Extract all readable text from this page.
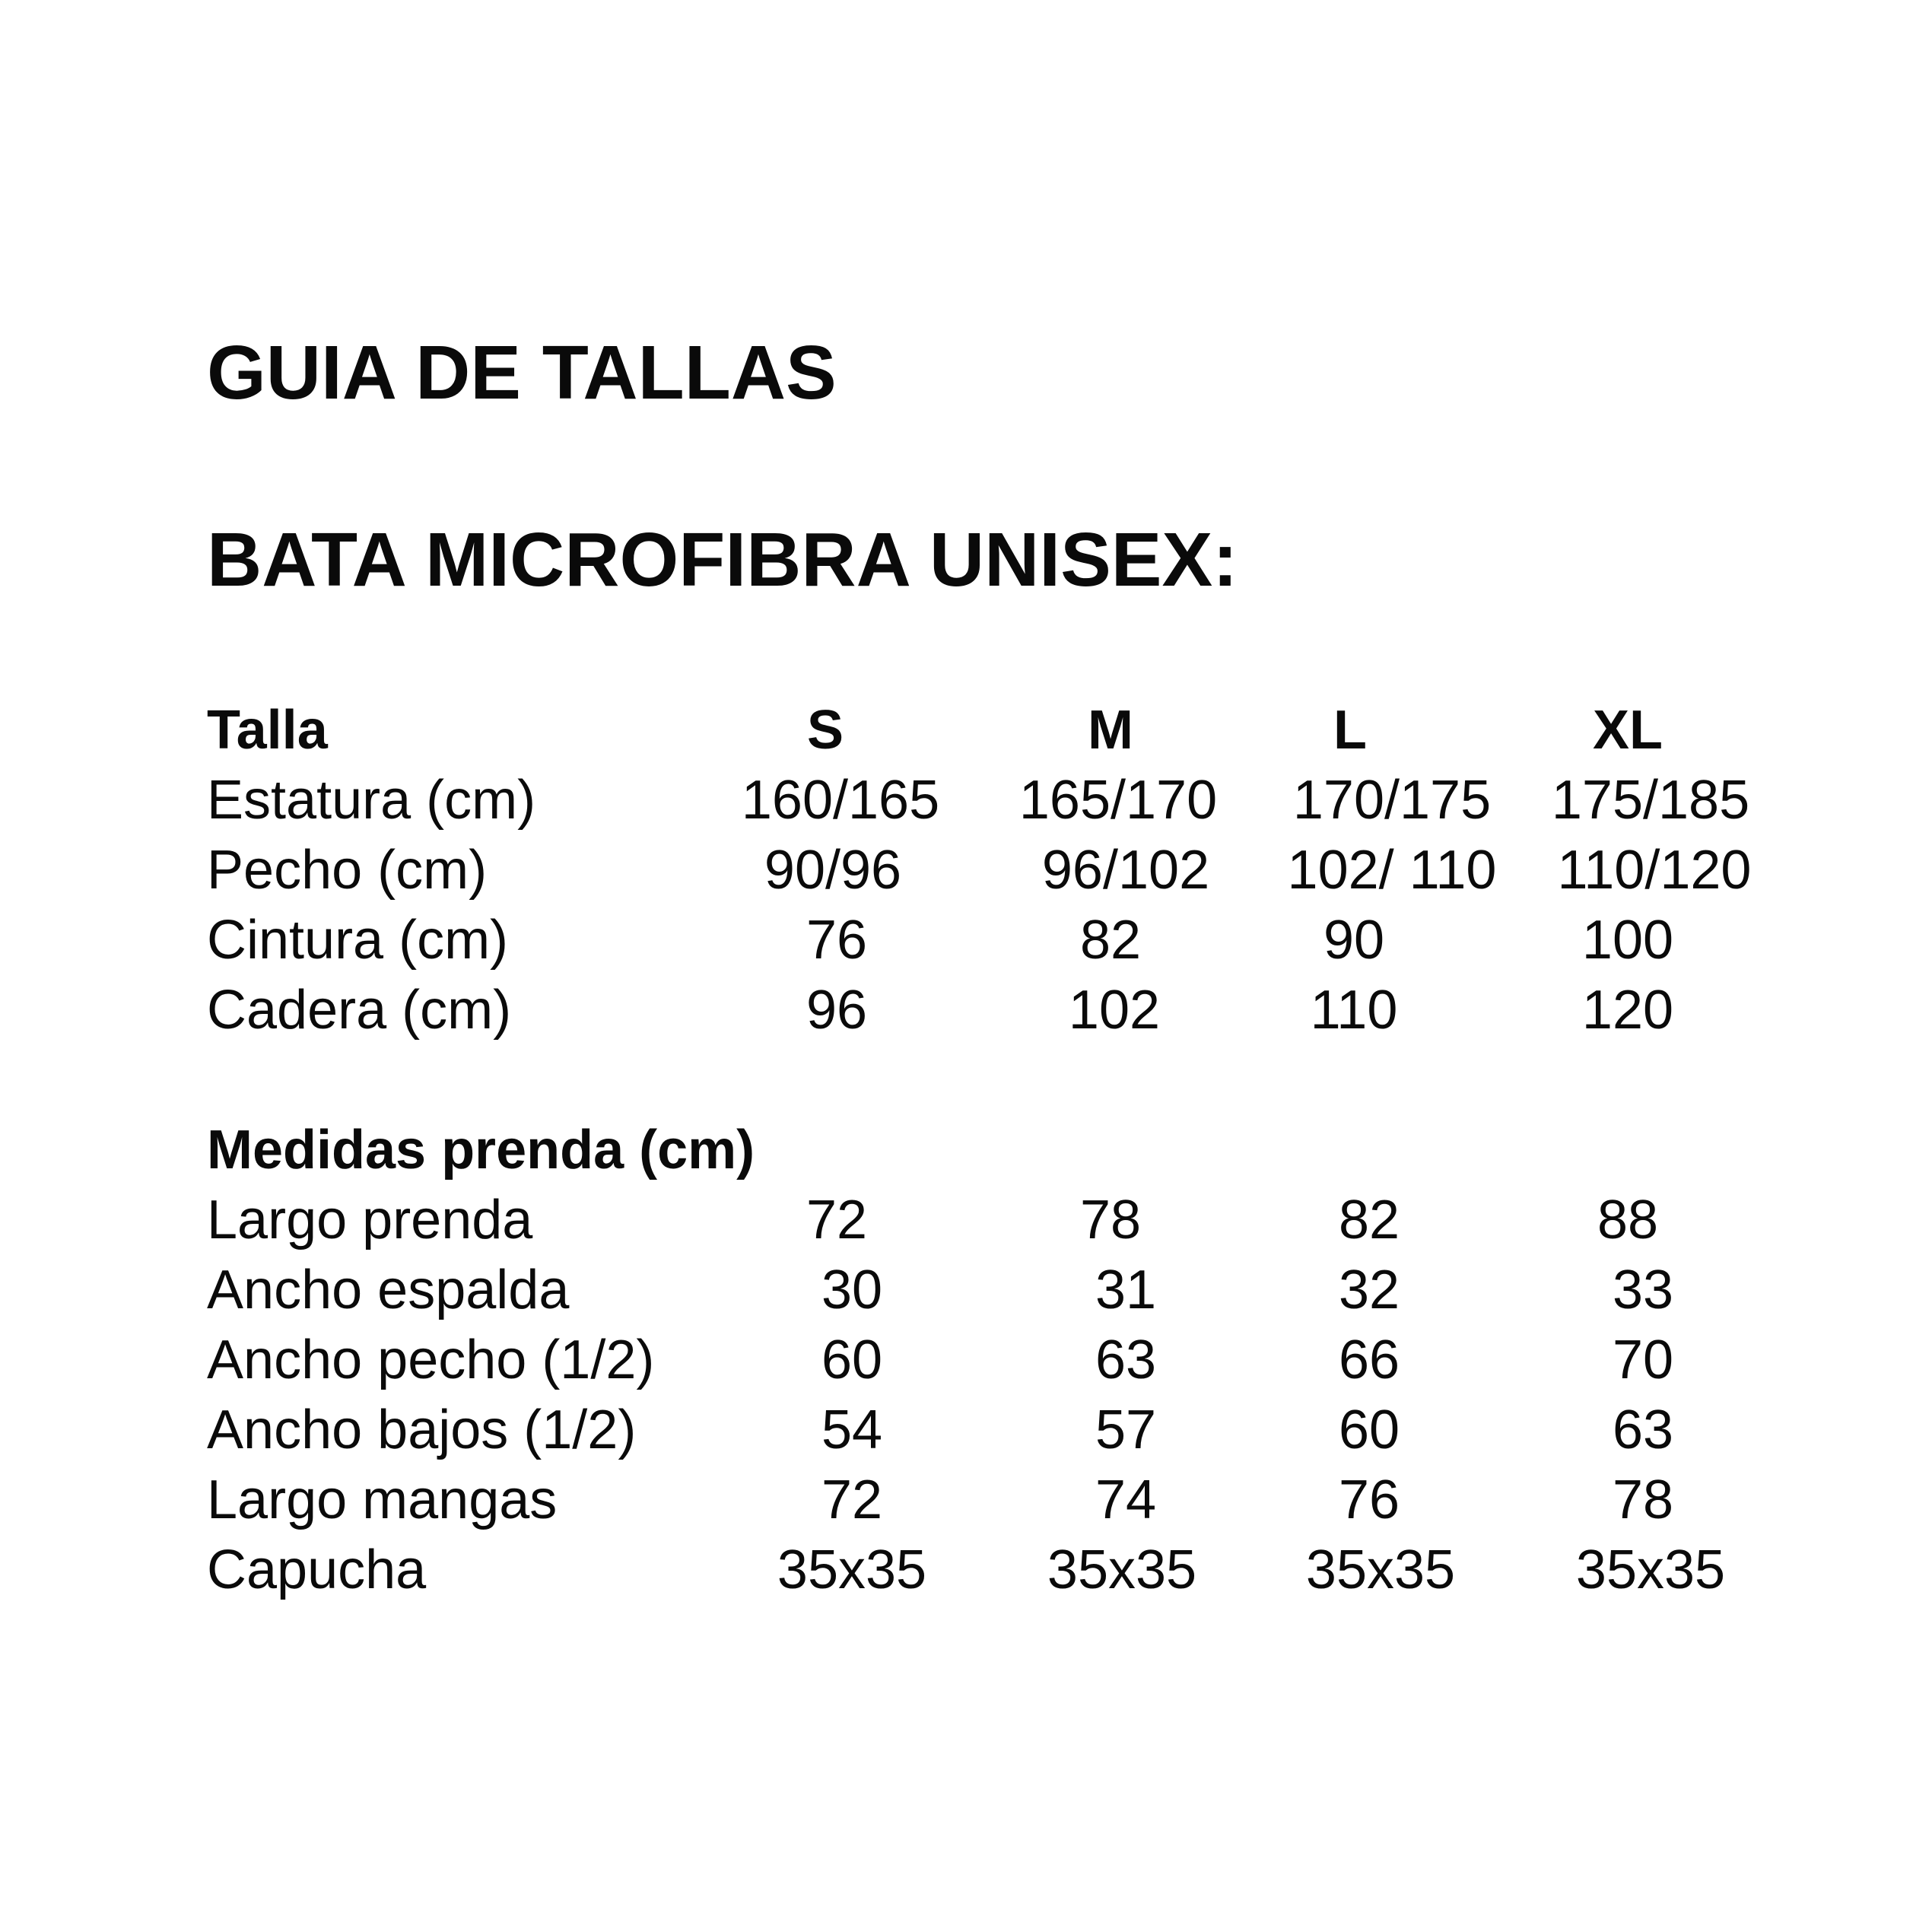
GUIA DE TALLAS
BATA MICROFIBRA UNISEX:
Talla	S	M	L	XL
Estatura (cm)	160/165	165/170	170/175	175/185
Pecho (cm)	90/96	96/102	102/ 110	110/120
Cintura (cm)	76	82	90	100
Cadera (cm)	96	102	110	120
Medidas prenda (cm)
Largo prenda	72	78	82	88
Ancho espalda	30	31	32	33
Ancho pecho (1/2)	60	63	66	70
Ancho bajos (1/2)	54	57	60	63
Largo mangas	72	74	76	78
Capucha	35x35	35x35	35x35	35x35
